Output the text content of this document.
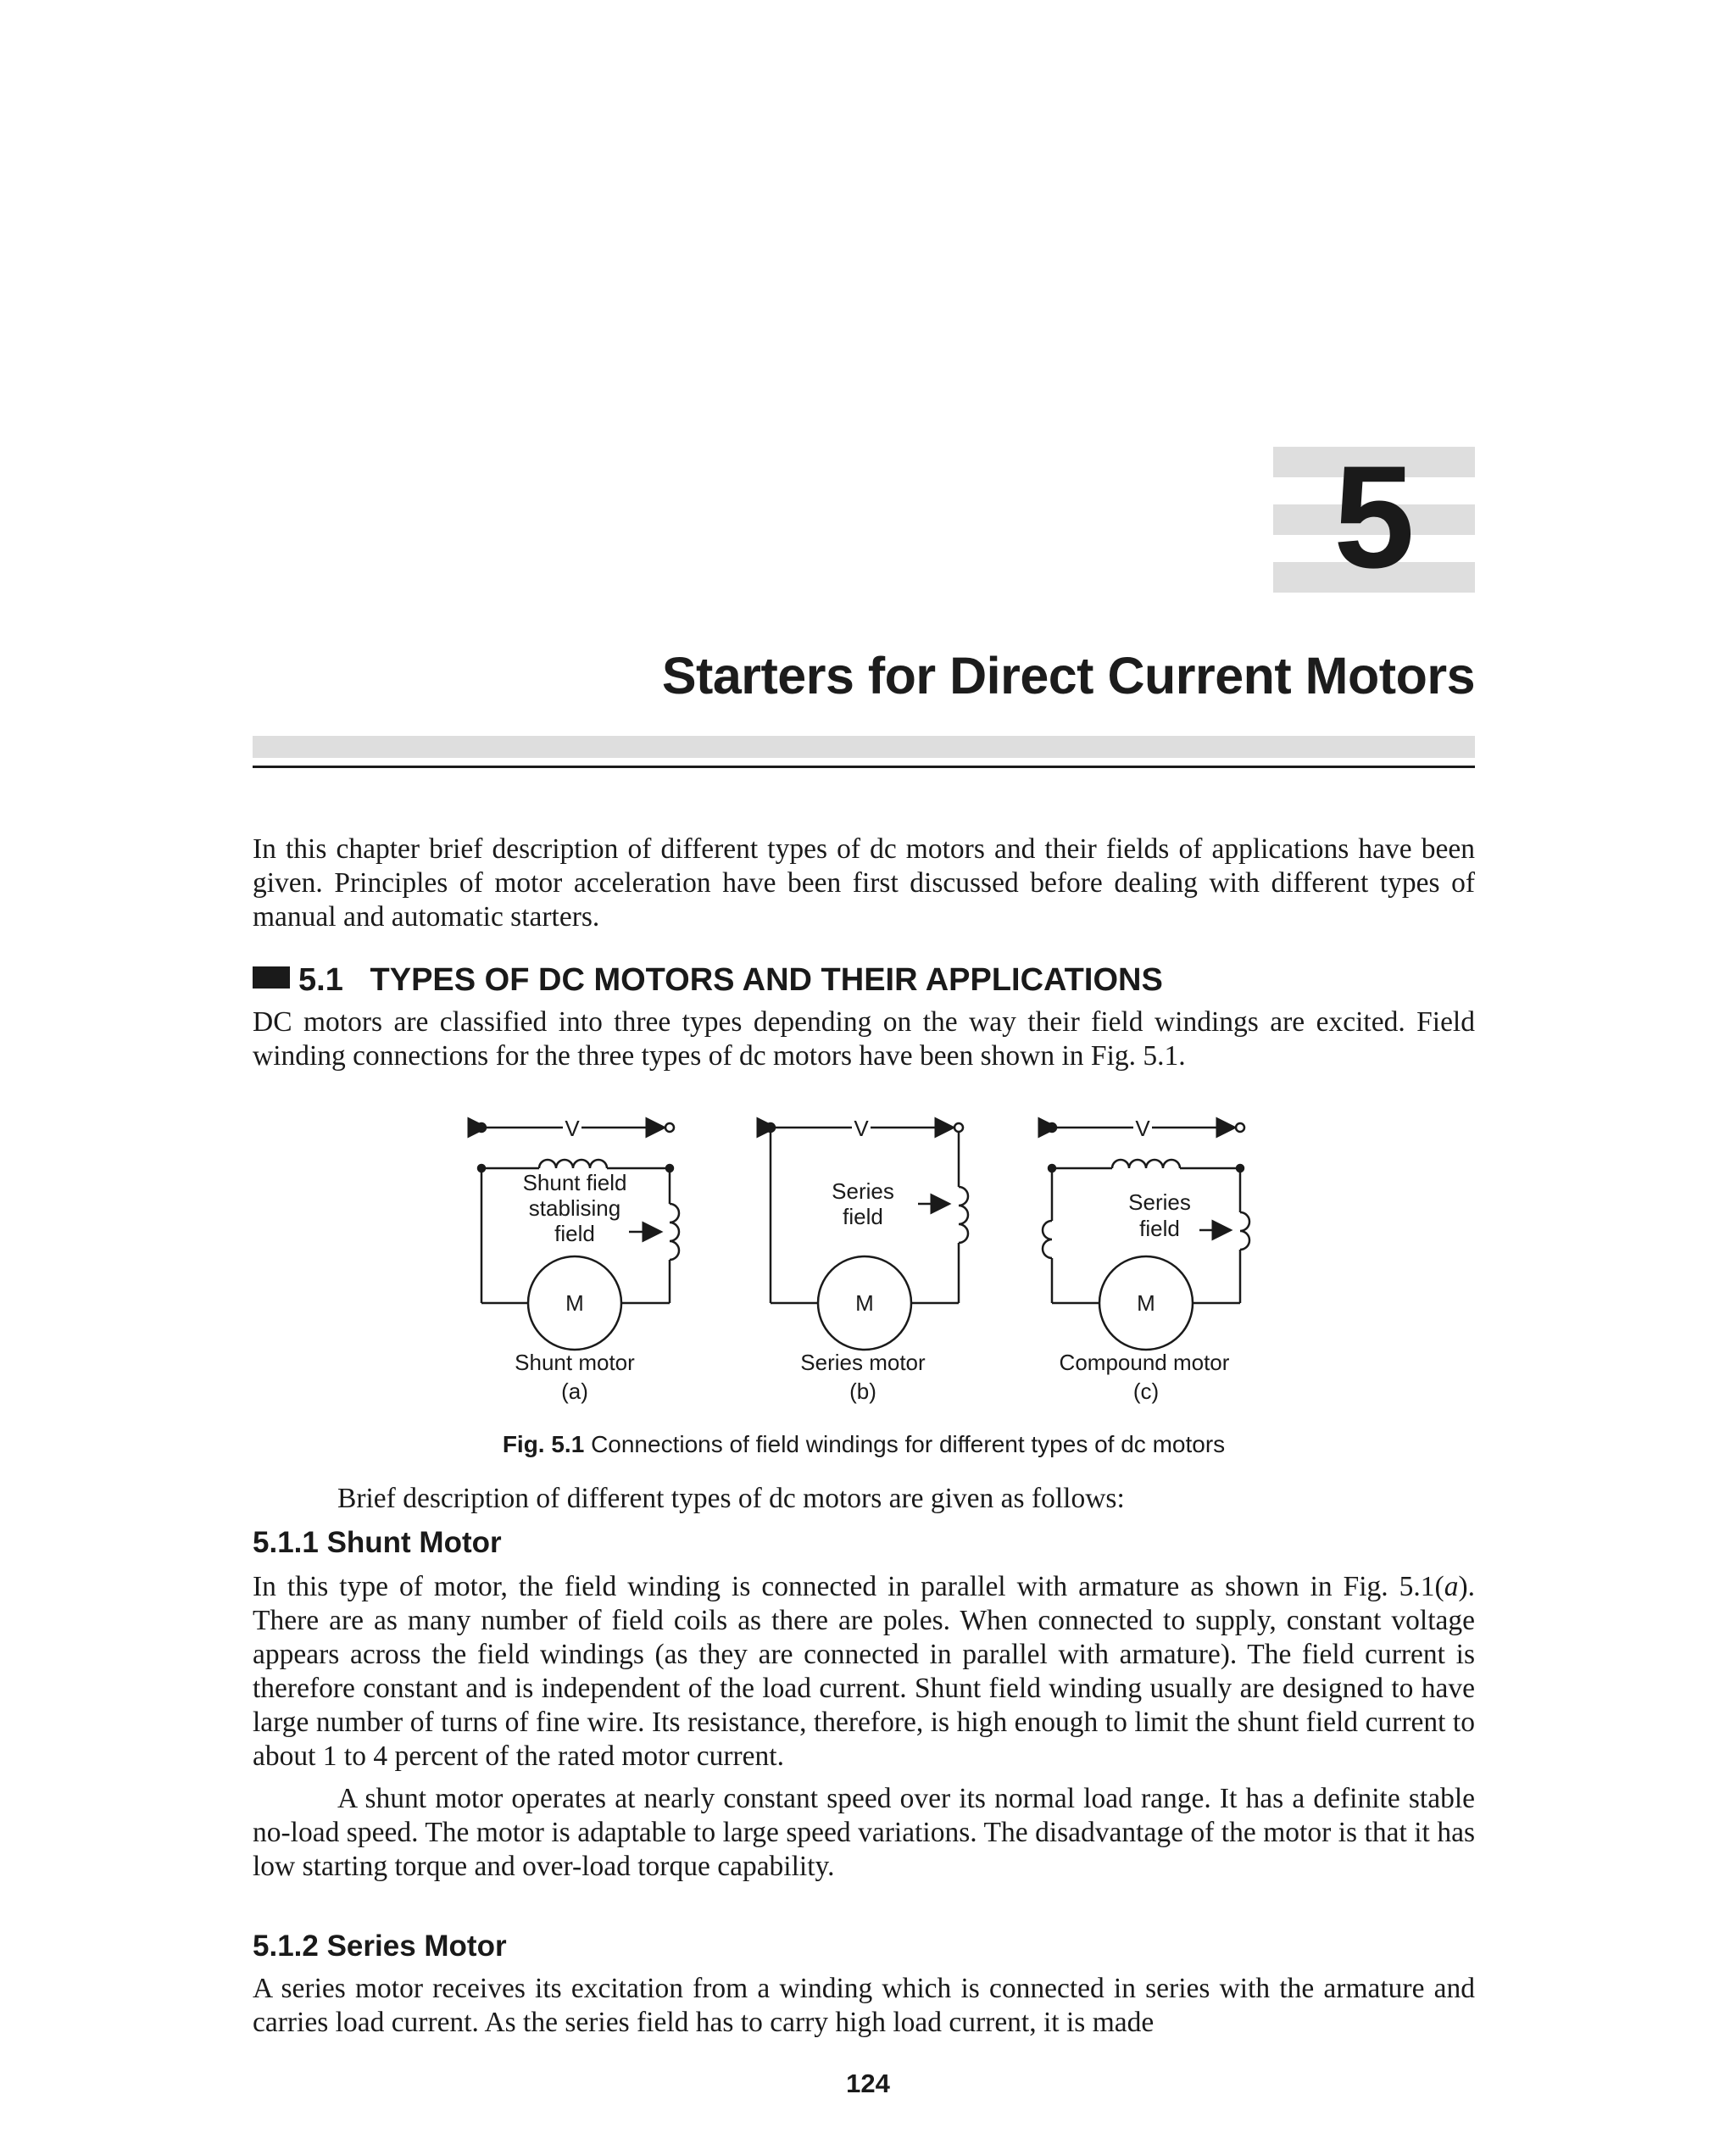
5
Starters for Direct Current Motors

In this chapter brief description of different types of dc motors and their fields of applications have been given. Principles of motor acceleration have been first discussed before dealing with different types of manual and automatic starters.

5.1 TYPES OF DC MOTORS AND THEIR APPLICATIONS

DC motors are classified into three types depending on the way their field windings are excited. Field winding connections for the three types of dc motors have been shown in Fig. 5.1.

V	V	V
Shunt field
stablising
field
Series
field
Series
field
M	M	M
Shunt motor
(a)
Series motor
(b)
Compound motor
(c)
Fig. 5.1 Connections of field windings for different types of dc motors

Brief description of different types of dc motors are given as follows:

5.1.1 Shunt Motor

In this type of motor, the field winding is connected in parallel with armature as shown in Fig. 5.1(a). There are as many number of field coils as there are poles. When connected to supply, constant voltage appears across the field windings (as they are connected in parallel with armature). The field current is therefore constant and is independent of the load current. Shunt field winding usually are designed to have large number of turns of fine wire. Its resistance, therefore, is high enough to limit the shunt field current to about 1 to 4 percent of the rated motor current.

A shunt motor operates at nearly constant speed over its normal load range. It has a definite stable no-load speed. The motor is adaptable to large speed variations. The disadvantage of the motor is that it has low starting torque and over-load torque capability.

5.1.2 Series Motor

A series motor receives its excitation from a winding which is connected in series with the armature and carries load current. As the series field has to carry high load current, it is made

124
